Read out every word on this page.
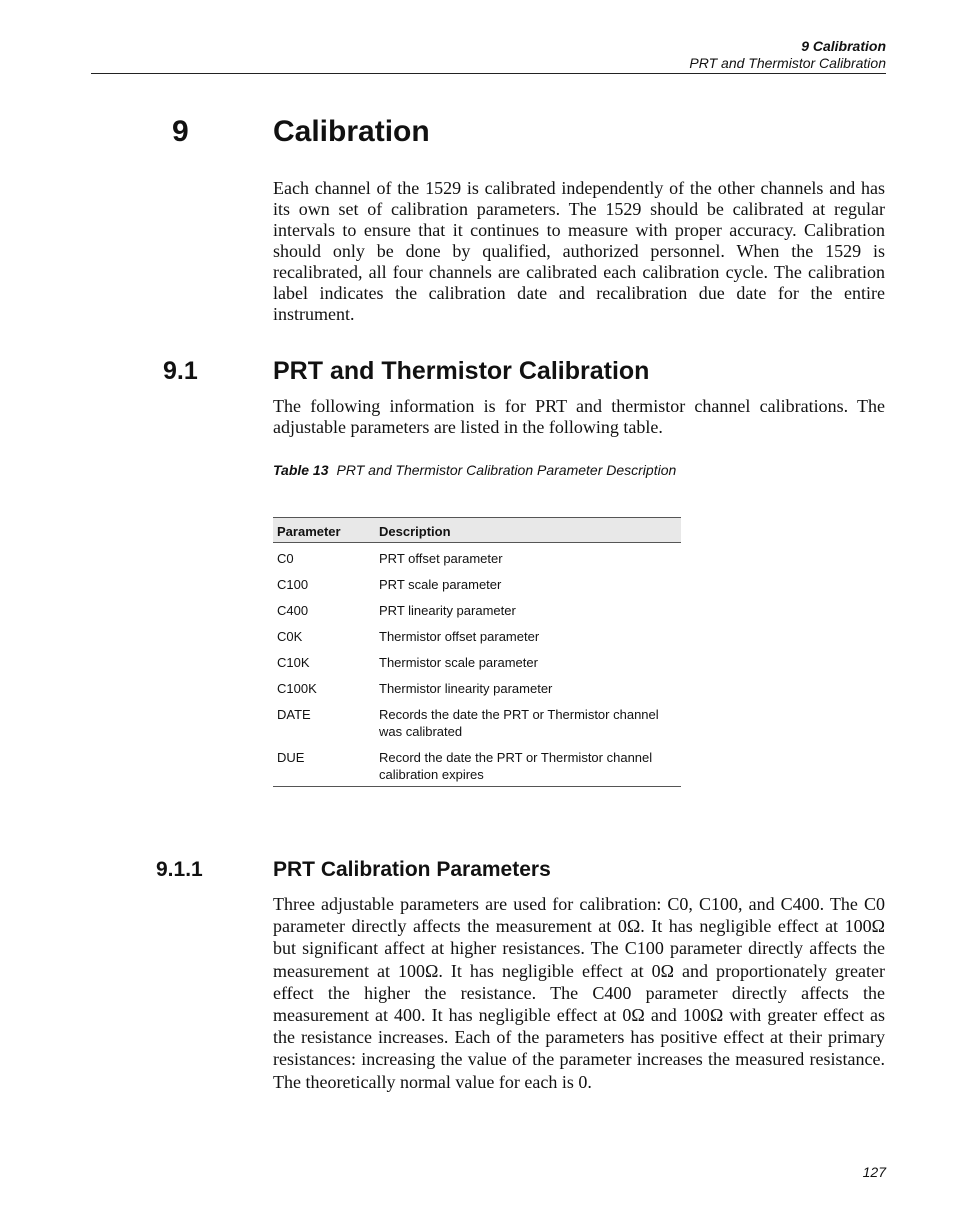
9 Calibration
PRT and Thermistor Calibration
9	Calibration

Each channel of the 1529 is calibrated independently of the other channels and has its own set of calibration parameters. The 1529 should be calibrated at regular intervals to ensure that it continues to measure with proper accuracy. Calibration should only be done by qualified, authorized personnel. When the 1529 is recalibrated, all four channels are calibrated each calibration cycle. The calibration label indicates the calibration date and recalibration due date for the entire instrument.

9.1	PRT and Thermistor Calibration

The following information is for PRT and thermistor channel calibrations. The adjustable parameters are listed in the following table.

Table 13 PRT and Thermistor Calibration Parameter Description
Parameter	Description
C0	PRT offset parameter
C100	PRT scale parameter
C400	PRT linearity parameter
C0K	Thermistor offset parameter
C10K	Thermistor scale parameter
C100K	Thermistor linearity parameter
DATE	Records the date the PRT or Thermistor channel was calibrated
DUE	Record the date the PRT or Thermistor channel calibration expires
9.1.1	PRT Calibration Parameters

Three adjustable parameters are used for calibration: C0, C100, and C400. The C0 parameter directly affects the measurement at 0Ω. It has negligible effect at 100Ω but significant affect at higher resistances. The C100 parameter directly affects the measurement at 100Ω. It has negligible effect at 0Ω and proportionately greater effect the higher the resistance. The C400 parameter directly affects the measurement at 400. It has negligible effect at 0Ω and 100Ω with greater effect as the resistance increases. Each of the parameters has positive effect at their primary resistances: increasing the value of the parameter increases the measured resistance. The theoretically normal value for each is 0.

127
